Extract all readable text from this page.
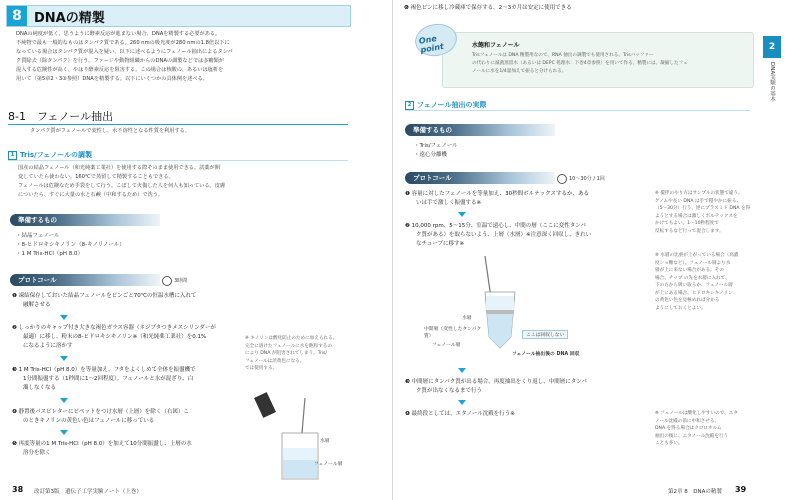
8 DNAの精製
DNAの純度が低く、思うように酵素反応が進まない場合、DNAを精製する必要がある。
不純物で最も一般的なものはタンパク質である。260 nmの吸光度が280 nmの1.8倍以下に
なっている場合はタンパク質が混入を疑い、以下に述べるようにフェノール抽出によるタンパ
ク質除去（除タンパク）を行う。ファージや動物組織からのDNAの調製などでは多糖類が
混入する危険性が高く、やはり酵素反応を阻害する。この場合は核酸の、あるいは塩析を
用いて（第5章2・3③参照）DNAを精製する。以下にいくつかの具体例を述べる。
8-1　フェノール抽出
タンパク質がフェノールで変性し、水不溶性となる性質を利用する。
1 Tris/フェノールの調製
国産の結晶フェノール（和光純薬工業社）を使用する際そのまま使用できる。試薬が開
変していたら使わない。160℃で蒸留して精製することもできる。
フェノールは危険なため手袋をして行う。こぼして火傷した人を何人も知っている。皮膚
についたら、すぐに大量の水と石鹸（中和するため）で洗う。
準備するもの
・結晶フェノール
・8-ヒドロキシキノリン（8-キノリノール）
・1 M Tris-HCl（pH 8.0）
プロトコール	3時間
❶ 凍結保存しておいた結晶フェノールをビンごと70℃の恒温水槽に入れて
融解させる
❷ しっかりのキャップ付き大きな褐色ガラス容器（ネジブタつきメスシリンダーが
最適）に移し、粉末の8-ヒドロキシキノリン※（和光純薬工業社）を0.1%
になるように溶かす
❸ 1 M Tris-HCl（pH 8.0）を等量加え、フタをよくしめて全体を振盪機で
1分間振盪する（1秒間に1〜2回程度）。フェノールと水が混ざり、白
濁しなくなる
❹ 静置後パスビレターにピペットをつけ水層（上層）を除く（右図）こ
のときキノリンの黄色い色はフェノールに移っている
❺ 再度等量の1 M Tris-HCl（pH 8.0）を加えて10分間振盪し、上層の水
溶分を除く
※ キノリンは酸化防止のために加えられる。
完全に溶けたフェノールに水を飽和するの
により DNA が阻害されてしまう。Tris/
フェノールは淡黄色になる。
では使用する。
水層
フェノール層
38 改訂第3版　遺伝子工学実験ノート（上巻）
❻ 褐色ビンに移し冷蔵庫で保存する。2〜3カ月は安定に使用できる
One point	水飽和フェノール
Trisフェノールは DNA 精製用なので、RNA 抽出の調製でも使用される。Trisバッファー
の代わりに滅菌蒸留水（あるいは DEPC 処理水：下巻4章参照）を用いて作る。精製には、凝縮したフェ
ノールに水を1/4量加えて振ると分けられる。
2
DNA実験の基本
2 フェノール抽出の実際
準備するもの
・Tris/フェノール
・遠心分離機
プロトコール	10〜30分 / 1回
❶ 容量に対したフェノールを等量加え、30秒間ボルテックスするか、ある
いは手で激しく振盪する※
❷ 10,000 rpm、5〜15分、室温で遠心し、中間の層（ここに変性タンパ
ク質がある）を取らないよう、上層（水層）※注意深く回収し、きれい
なチューブに移す※
水層
中間層（変性したタンパク質）
フェノール層
ここは回収しない
フェノール抽出後の DNA 回収
❸ 中間層にタンパク質が出る場合、再度抽出をくり返し、中間層にタンパ
ク質が出なくなるまで行う
❹ 最終段としては、エタノール沈殿を行う※
※ 撹拌のやり方はサンプルの状態で違う。
ゲノムや長い DNA は手で穏やかに振る。
（5〜30分）行う。逆にプラスミド DNA を得
ようとする場合は激しくボルテックスを
かけてもよい。1〜10秒程度で
反転するなど行って混合します。
※ 水層の比重が上がっている場合（高濃
度ショ糖など）、フェノール層より水
層が上に来ない場合がある。その
場合、チップ の先を水層に入れて、
下の方から吸い取るか、フェノール層
が上にある場合、ヒドロキシキノリン
の黄色い色を見極めれば分かる
ようにしておくとよい。
※ フェノールは酸化しやすいので、エタ
ノール沈殿の前に中和させる。
DNA を得る場合はクロロホルム
抽出の後に、エタノール沈殿を行う
ことも多い。
第2章 8　DNAの精製 39
